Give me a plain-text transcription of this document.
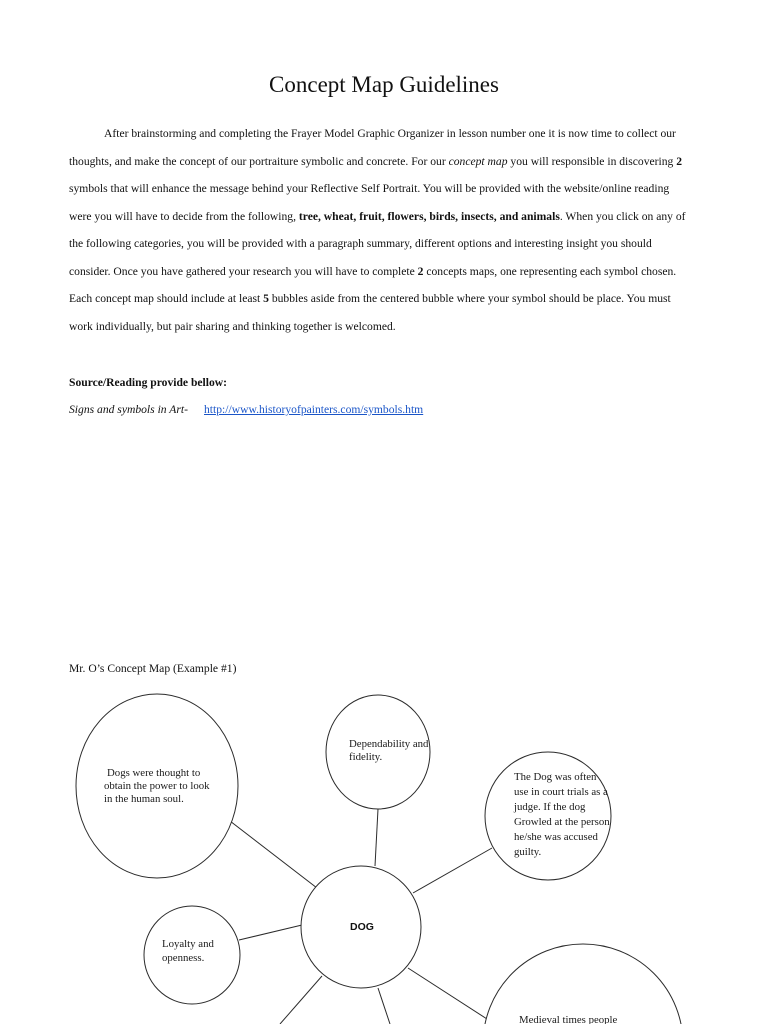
Concept Map Guidelines
After brainstorming and completing the Frayer Model Graphic Organizer in lesson number one it is now time to collect our
thoughts, and make the concept of our portraiture symbolic and concrete. For our concept map you will responsible in discovering 2
symbols that will enhance the message behind your Reflective Self Portrait. You will be provided with the website/online reading
were you will have to decide from the following, tree, wheat, fruit, flowers, birds, insects, and animals. When you click on any of
the following categories, you will be provided with a paragraph summary, different options and interesting insight you should
consider. Once you have gathered your research you will have to complete 2 concepts maps, one representing each symbol chosen.
Each concept map should include at least 5 bubbles aside from the centered bubble where your symbol should be place. You must
work individually, but pair sharing and thinking together is welcomed.
Source/Reading provide bellow:
Signs and symbols in Art- http://www.historyofpainters.com/symbols.htm
Mr. O’s Concept Map (Example #1)
Dogs were thought to
obtain the power to look
in the human soul.
Dependability and
fidelity.
The Dog was often
use in court trials as a
judge. If the dog
Growled at the person
he/she was accused
guilty.
DOG
Loyalty and
openness.
Medieval times people
